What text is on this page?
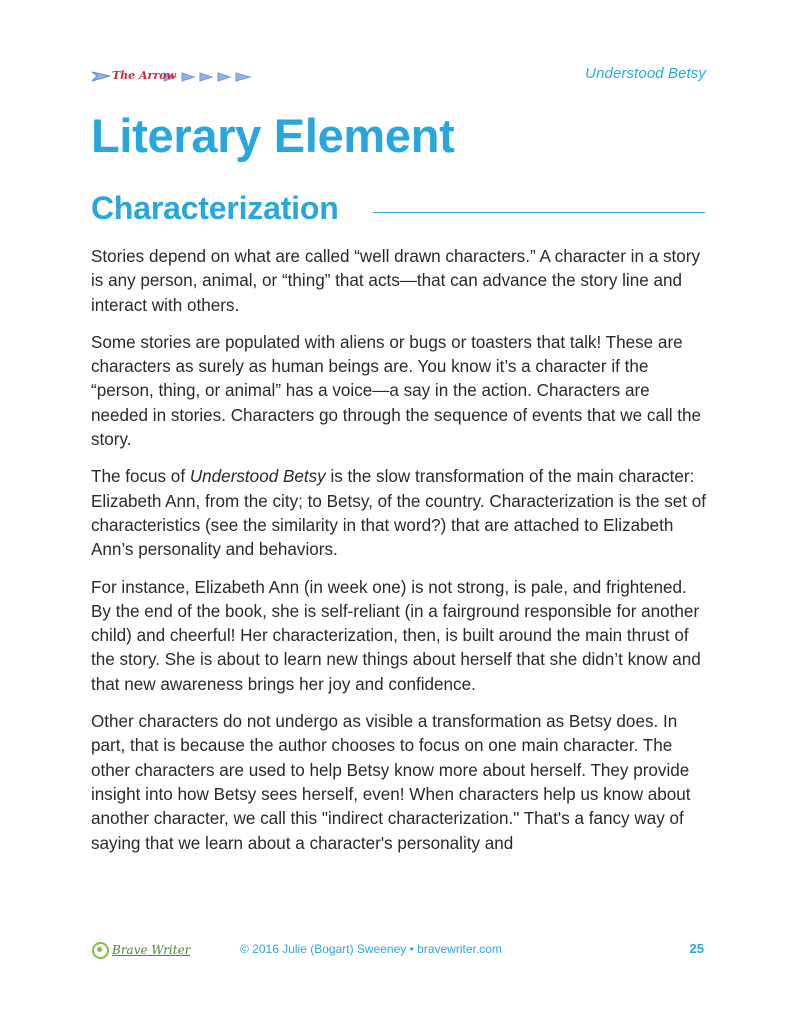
The Arrow	Understood Betsy
Literary Element
Characterization

Stories depend on what are called “well drawn characters.” A character in a story is any person, animal, or “thing” that acts—that can advance the story line and interact with others.

Some stories are populated with aliens or bugs or toasters that talk! These are characters as surely as human beings are. You know it’s a character if the “person, thing, or animal” has a voice—a say in the action. Characters are needed in stories. Characters go through the sequence of events that we call the story.

The focus of Understood Betsy is the slow transformation of the main character: Elizabeth Ann, from the city; to Betsy, of the country. Characterization is the set of characteristics (see the similarity in that word?) that are attached to Elizabeth Ann’s personality and behaviors.

For instance, Elizabeth Ann (in week one) is not strong, is pale, and frightened. By the end of the book, she is self-reliant (in a fairground responsible for another child) and cheerful! Her characterization, then, is built around the main thrust of the story. She is about to learn new things about herself that she didn’t know and that new awareness brings her joy and confidence.

Other characters do not undergo as visible a transformation as Betsy does. In part, that is because the author chooses to focus on one main character. The other characters are used to help Betsy know more about herself. They provide insight into how Betsy sees herself, even! When characters help us know about another character, we call this "indirect characterization." That's a fancy way of saying that we learn about a character's personality and

Brave Writer	© 2016 Julie (Bogart) Sweeney • bravewriter.com	25
